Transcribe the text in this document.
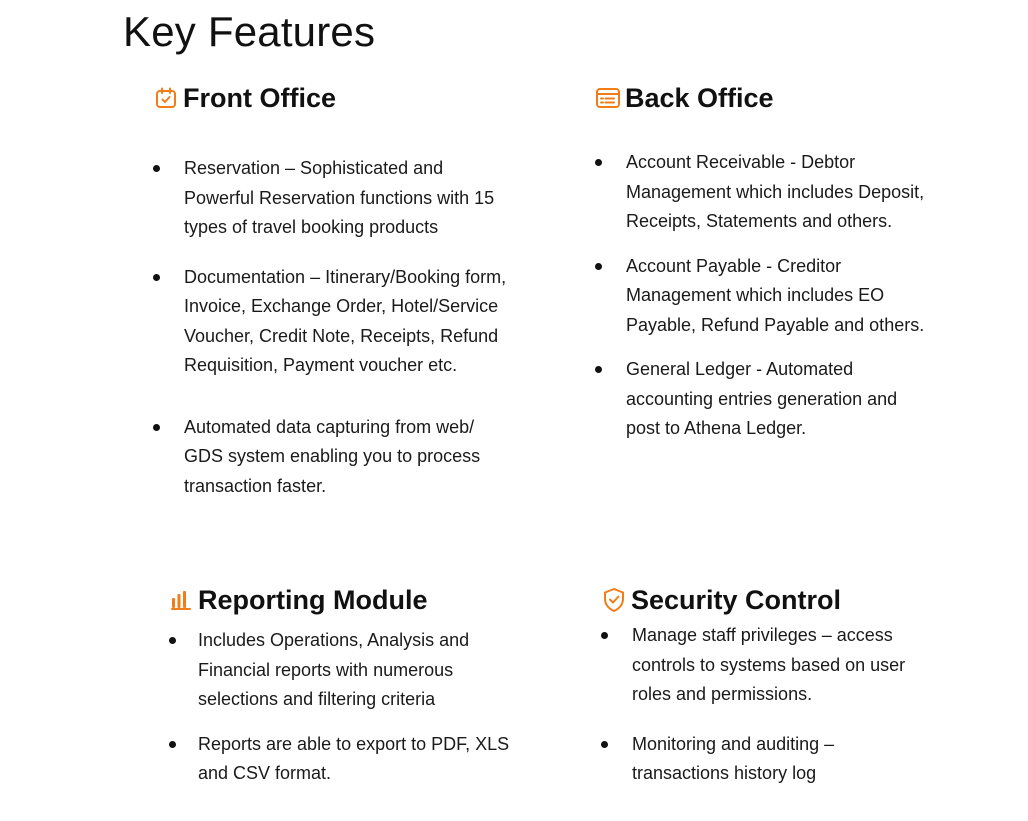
Key Features
Front Office
Reservation – Sophisticated and Powerful Reservation functions with 15 types of travel booking products
Documentation – Itinerary/Booking form, Invoice, Exchange Order, Hotel/Service Voucher, Credit Note, Receipts, Refund Requisition, Payment voucher etc.
Automated data capturing from web/ GDS system enabling you to process transaction faster.
Back Office
Account Receivable - Debtor Management which includes Deposit, Receipts, Statements and others.
Account Payable - Creditor Management which includes EO Payable, Refund Payable and others.
General Ledger - Automated accounting entries generation and post to Athena Ledger.
Reporting Module
Includes Operations, Analysis and Financial reports with numerous selections and filtering criteria
Reports are able to export to PDF, XLS and CSV format.
Security Control
Manage staff privileges – access controls to systems based on user roles and permissions.
Monitoring and auditing – transactions history log
